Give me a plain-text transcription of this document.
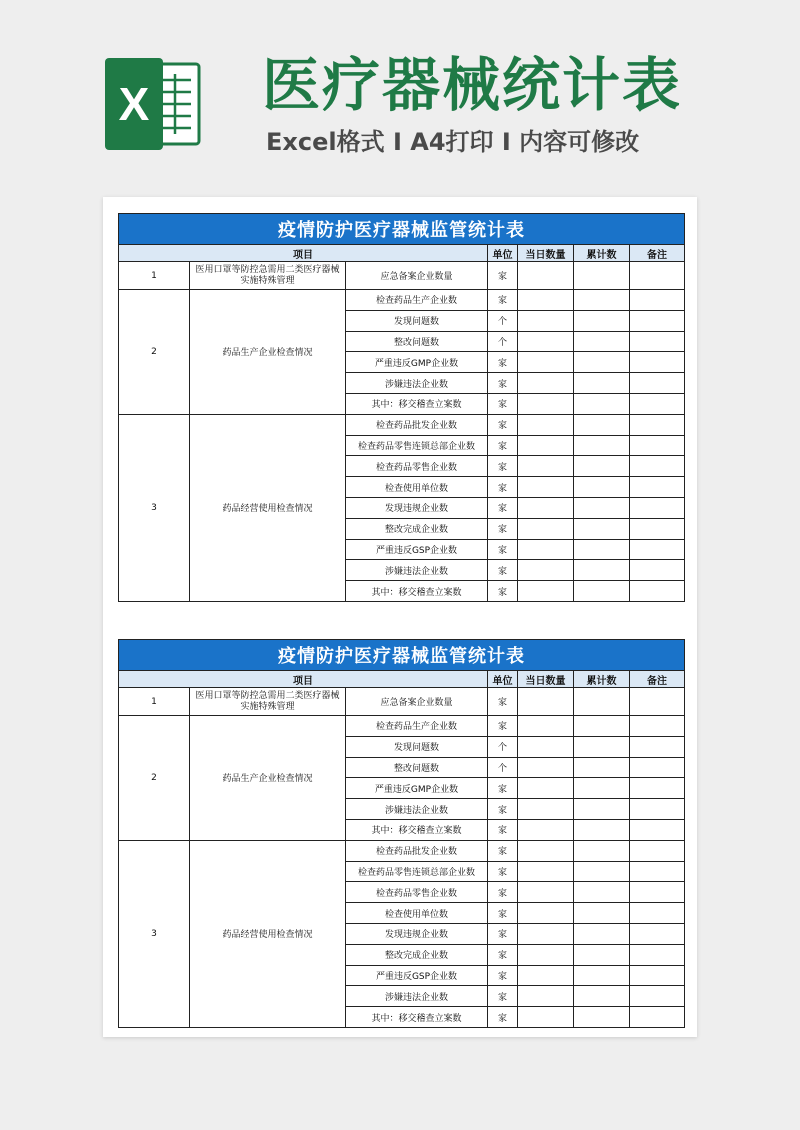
X 医疗器械统计表
Excel格式 I A4打印 I 内容可修改
疫情防护医疗器械监管统计表						
项目			单位	当日数量	累计数	备注
1	医用口罩等防控急需用二类医疗器械实施特殊管理	应急备案企业数量	家			
2	药品生产企业检查情况	检查药品生产企业数	家			
		发现问题数	个			
		整改问题数	个			
		严重违反GMP企业数	家			
		涉嫌违法企业数	家			
		其中：移交稽查立案数	家			
3	药品经营使用检查情况	检查药品批发企业数	家			
		检查药品零售连锁总部企业数	家			
		检查药品零售企业数	家			
		检查使用单位数	家			
		发现违规企业数	家			
		整改完成企业数	家			
		严重违反GSP企业数	家			
		涉嫌违法企业数	家			
		其中：移交稽查立案数	家			
疫情防护医疗器械监管统计表						
项目			单位	当日数量	累计数	备注
1	医用口罩等防控急需用二类医疗器械实施特殊管理	应急备案企业数量	家			
2	药品生产企业检查情况	检查药品生产企业数	家			
		发现问题数	个			
		整改问题数	个			
		严重违反GMP企业数	家			
		涉嫌违法企业数	家			
		其中：移交稽查立案数	家			
3	药品经营使用检查情况	检查药品批发企业数	家			
		检查药品零售连锁总部企业数	家			
		检查药品零售企业数	家			
		检查使用单位数	家			
		发现违规企业数	家			
		整改完成企业数	家			
		严重违反GSP企业数	家			
		涉嫌违法企业数	家			
		其中：移交稽查立案数	家			
